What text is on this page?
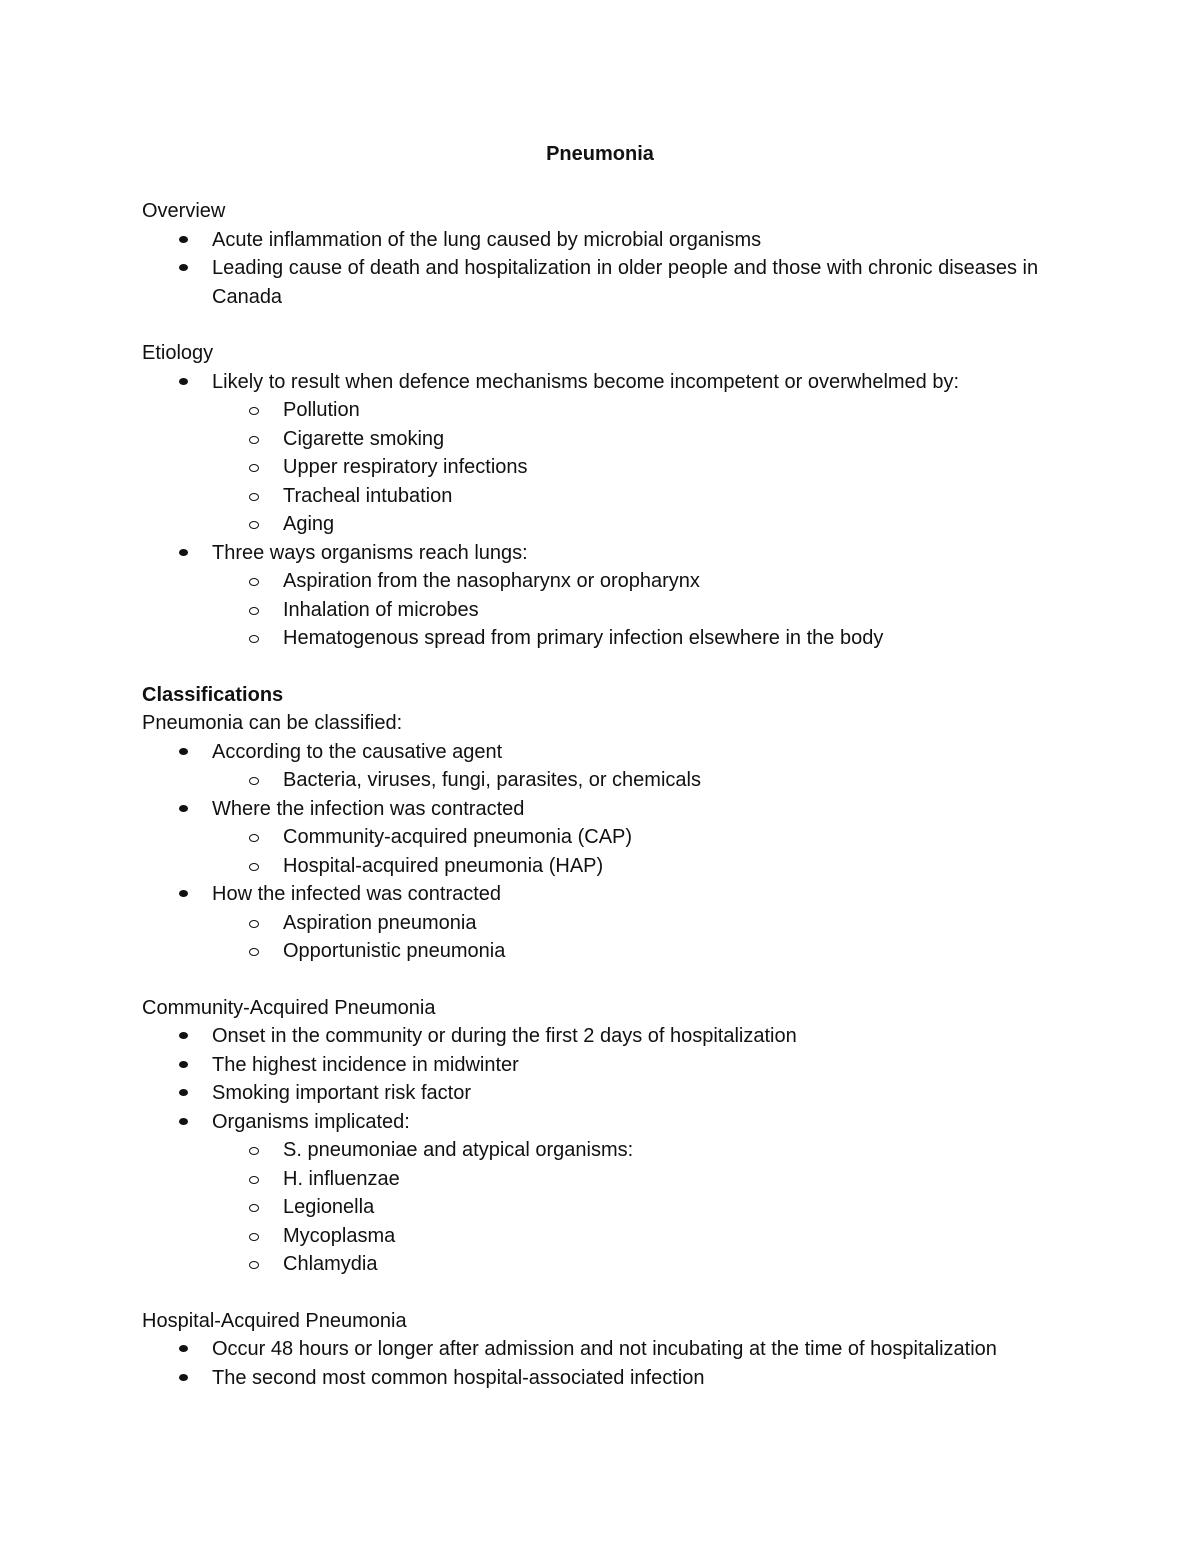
Pneumonia
Overview
Acute inflammation of the lung caused by microbial organisms
Leading cause of death and hospitalization in older people and those with chronic diseases in Canada
Etiology
Likely to result when defence mechanisms become incompetent or overwhelmed by:
Pollution
Cigarette smoking
Upper respiratory infections
Tracheal intubation
Aging
Three ways organisms reach lungs:
Aspiration from the nasopharynx or oropharynx
Inhalation of microbes
Hematogenous spread from primary infection elsewhere in the body
Classifications
Pneumonia can be classified:
According to the causative agent
Bacteria, viruses, fungi, parasites, or chemicals
Where the infection was contracted
Community-acquired pneumonia (CAP)
Hospital-acquired pneumonia (HAP)
How the infected was contracted
Aspiration pneumonia
Opportunistic pneumonia
Community-Acquired Pneumonia
Onset in the community or during the first 2 days of hospitalization
The highest incidence in midwinter
Smoking important risk factor
Organisms implicated:
S. pneumoniae and atypical organisms:
H. influenzae
Legionella
Mycoplasma
Chlamydia
Hospital-Acquired Pneumonia
Occur 48 hours or longer after admission and not incubating at the time of hospitalization
The second most common hospital-associated infection
